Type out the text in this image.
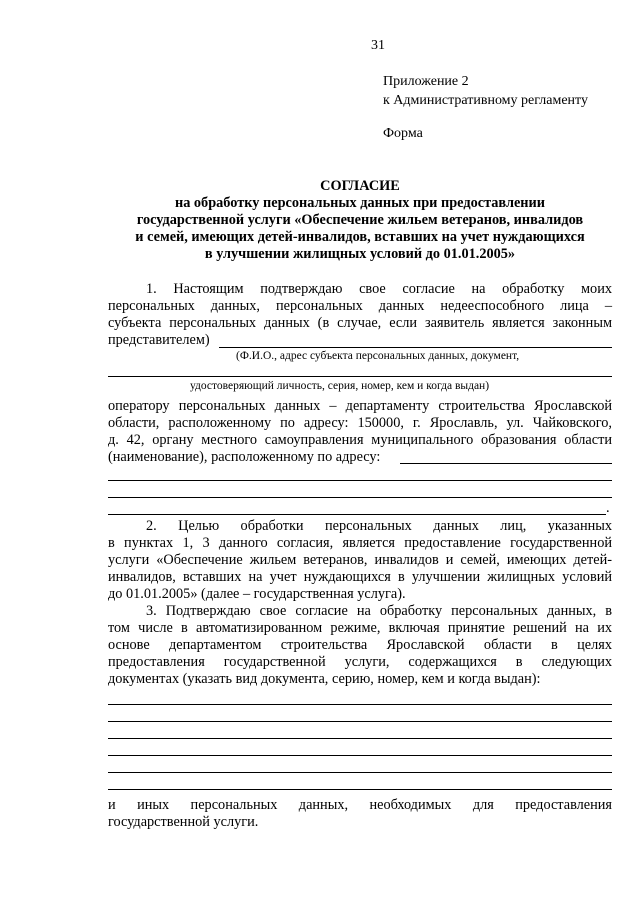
31
Приложение 2
к Административному регламенту
Форма
СОГЛАСИЕ
на обработку персональных данных при предоставлении
государственной услуги «Обеспечение жильем ветеранов, инвалидов
и семей, имеющих детей-инвалидов, вставших на учет нуждающихся
в улучшении жилищных условий до 01.01.2005»
1. Настоящим подтверждаю свое согласие на обработку моих
персональных данных, персональных данных недееспособного лица –
субъекта персональных данных (в случае, если заявитель является законным
представителем)
(Ф.И.О., адрес субъекта персональных данных, документ,
удостоверяющий личность, серия, номер, кем и когда выдан)
оператору персональных данных – департаменту строительства Ярославской
области, расположенному по адресу: 150000, г. Ярославль, ул. Чайковского,
д. 42, органу местного самоуправления муниципального образования области
(наименование), расположенному по адресу:
.
2. Целью обработки персональных данных лиц, указанных
в пунктах 1, 3 данного согласия, является предоставление государственной
услуги «Обеспечение жильем ветеранов, инвалидов и семей, имеющих детей-
инвалидов, вставших на учет нуждающихся в улучшении жилищных условий
до 01.01.2005» (далее – государственная услуга).
3. Подтверждаю свое согласие на обработку персональных данных, в
том числе в автоматизированном режиме, включая принятие решений на их
основе департаментом строительства Ярославской области в целях
предоставления государственной услуги, содержащихся в следующих
документах (указать вид документа, серию, номер, кем и когда выдан):
и иных персональных данных, необходимых для предоставления
государственной услуги.
